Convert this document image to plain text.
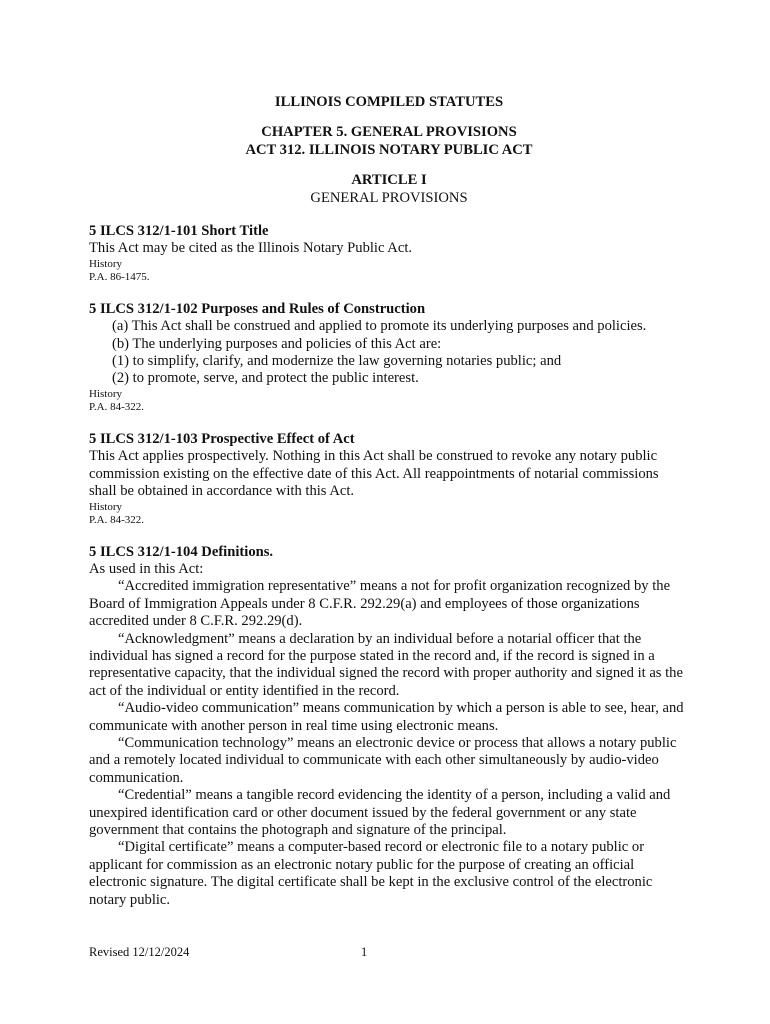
ILLINOIS COMPILED STATUTES

CHAPTER 5. GENERAL PROVISIONS

ACT 312. ILLINOIS NOTARY PUBLIC ACT

ARTICLE I

GENERAL PROVISIONS

5 ILCS 312/1-101 Short Title

This Act may be cited as the Illinois Notary Public Act.

History

P.A. 86-1475.

5 ILCS 312/1-102 Purposes and Rules of Construction

(a) This Act shall be construed and applied to promote its underlying purposes and policies.

(b) The underlying purposes and policies of this Act are:

(1) to simplify, clarify, and modernize the law governing notaries public; and

(2) to promote, serve, and protect the public interest.

History

P.A. 84-322.

5 ILCS 312/1-103 Prospective Effect of Act

This Act applies prospectively. Nothing in this Act shall be construed to revoke any notary public commission existing on the effective date of this Act. All reappointments of notarial commissions shall be obtained in accordance with this Act.

History

P.A. 84-322.

5 ILCS 312/1-104 Definitions.

As used in this Act:

“Accredited immigration representative” means a not for profit organization recognized by the Board of Immigration Appeals under 8 C.F.R. 292.29(a) and employees of those organizations accredited under 8 C.F.R. 292.29(d).

“Acknowledgment” means a declaration by an individual before a notarial officer that the individual has signed a record for the purpose stated in the record and, if the record is signed in a representative capacity, that the individual signed the record with proper authority and signed it as the act of the individual or entity identified in the record.

“Audio-video communication” means communication by which a person is able to see, hear, and communicate with another person in real time using electronic means.

“Communication technology” means an electronic device or process that allows a notary public and a remotely located individual to communicate with each other simultaneously by audio-video communication.

“Credential” means a tangible record evidencing the identity of a person, including a valid and unexpired identification card or other document issued by the federal government or any state government that contains the photograph and signature of the principal.

“Digital certificate” means a computer-based record or electronic file to a notary public or applicant for commission as an electronic notary public for the purpose of creating an official electronic signature. The digital certificate shall be kept in the exclusive control of the electronic notary public.

Revised 12/12/2024	1
